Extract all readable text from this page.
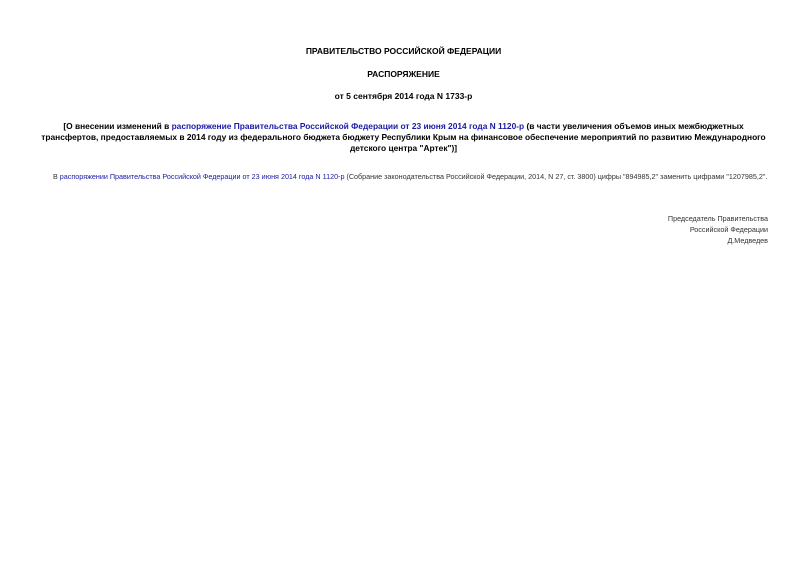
ПРАВИТЕЛЬСТВО РОССИЙСКОЙ ФЕДЕРАЦИИ
РАСПОРЯЖЕНИЕ
от 5 сентября 2014 года N 1733-р
[О внесении изменений в распоряжение Правительства Российской Федерации от 23 июня 2014 года N 1120-р (в части увеличения объемов иных межбюджетных трансфертов, предоставляемых в 2014 году из федерального бюджета бюджету Республики Крым на финансовое обеспечение мероприятий по развитию Международного детского центра "Артек")]
В распоряжении Правительства Российской Федерации от 23 июня 2014 года N 1120-р (Собрание законодательства Российской Федерации, 2014, N 27, ст. 3800) цифры "894985,2" заменить цифрами "1207985,2".
Председатель Правительства
Российской Федерации
Д.Медведев
